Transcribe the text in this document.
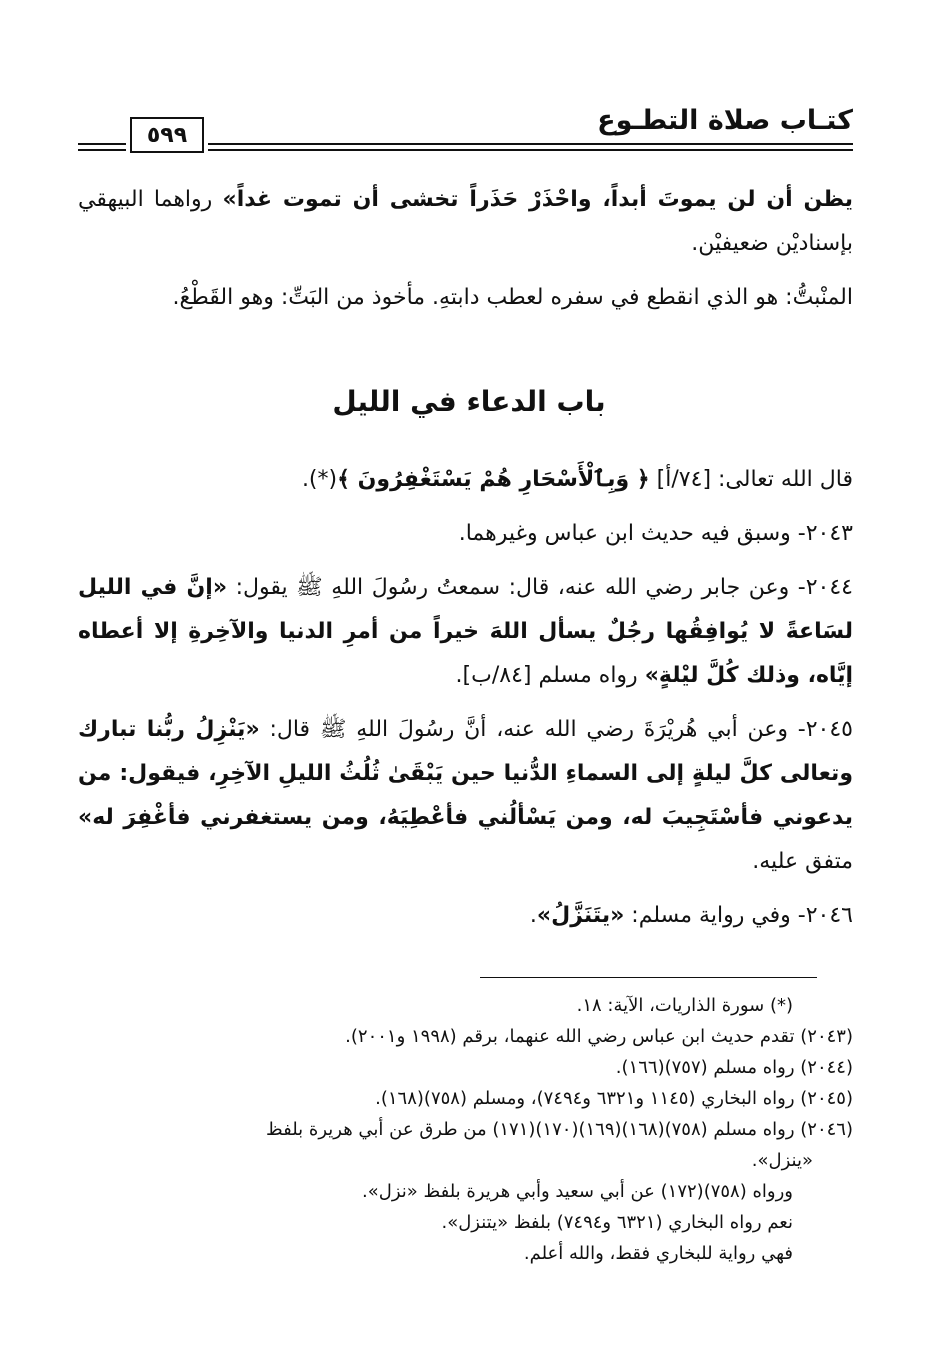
كتـاب صلاة التطـوع
٥٩٩

يظن أن لن يموتَ أبداً، واحْذَرْ حَذَراً تخشى أن تموت غداً» رواهما البيهقي بإسناديْن ضعيفيْن.

المنْبتُّ: هو الذي انقطع في سفره لعطب دابتهِ. مأخوذ من البَتِّ: وهو القَطْعُ.

باب الدعاء في الليل

قال الله تعالى: [٧٤/أ] ﴿ وَبِٱلْأَسْحَارِ هُمْ يَسْتَغْفِرُونَ ﴾(*).

٢٠٤٣- وسبق فيه حديث ابن عباس وغيرهما.

٢٠٤٤- وعن جابر رضي الله عنه، قال: سمعتُ رسُولَ اللهِ ﷺ يقول: «إنَّ في الليل لسَاعةً لا يُوافِقُها رجُلٌ يسأل اللهَ خيراً من أمرِ الدنيا والآخِرةِ إلا أعطاه إيَّاه، وذلك كُلَّ ليْلةٍ» رواه مسلم [٨٤/ب].

٢٠٤٥- وعن أبي هُريْرَةَ رضي الله عنه، أنَّ رسُولَ اللهِ ﷺ قال: «يَنْزِلُ ربُّنا تبارك وتعالى كلَّ ليلةٍ إلى السماءِ الدُّنيا حين يَبْقَىٰ ثُلُثُ الليلِ الآخِرِ، فيقول: من يدعوني فأسْتَجِيبَ له، ومن يَسْألُني فأعْطِيَهُ، ومن يستغفرني فأغْفِرَ له» متفق عليه.

٢٠٤٦- وفي رواية مسلم: «يتَنَزَّلُ».

(*) سورة الذاريات، الآية: ١٨.

(٢٠٤٣) تقدم حديث ابن عباس رضي الله عنهما، برقم (١٩٩٨ و٢٠٠١).

(٢٠٤٤) رواه مسلم (٧٥٧)(١٦٦).

(٢٠٤٥) رواه البخاري (١١٤٥ و٦٣٢١ و٧٤٩٤)، ومسلم (٧٥٨)(١٦٨).

(٢٠٤٦) رواه مسلم (٧٥٨)(١٦٨)(١٦٩)(١٧٠)(١٧١) من طرق عن أبي هريرة بلفظ

«ينزل».

ورواه (٧٥٨)(١٧٢) عن أبي سعيد وأبي هريرة بلفظ «نزل».

نعم رواه البخاري (٦٣٢١ و٧٤٩٤) بلفظ «يتنزل».

فهي رواية للبخاري فقط، والله أعلم.
